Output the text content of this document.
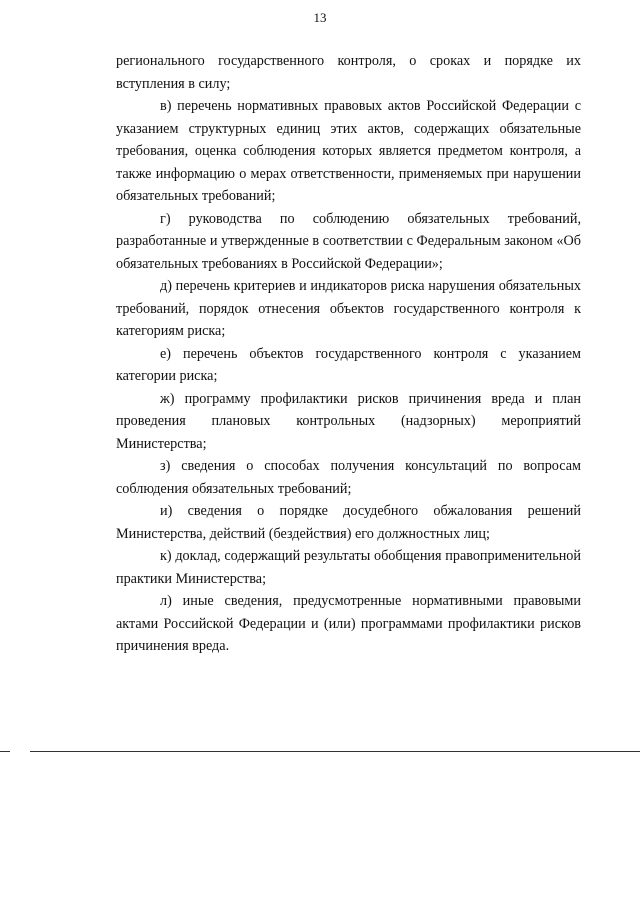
13

регионального государственного контроля, о сроках и порядке их вступления в силу;

в) перечень нормативных правовых актов Российской Федерации с указанием структурных единиц этих актов, содержащих обязательные требования, оценка соблюдения которых является предметом контроля, а также информацию о мерах ответственности, применяемых при нарушении обязательных требований;

г) руководства по соблюдению обязательных требований, разработанные и утвержденные в соответствии с Федеральным законом «Об обязательных требованиях в Российской Федерации»;

д) перечень критериев и индикаторов риска нарушения обязательных требований, порядок отнесения объектов государственного контроля к категориям риска;

е) перечень объектов государственного контроля с указанием категории риска;

ж) программу профилактики рисков причинения вреда и план проведения плановых контрольных (надзорных) мероприятий Министерства;

з) сведения о способах получения консультаций по вопросам соблюдения обязательных требований;

и) сведения о порядке досудебного обжалования решений Министерства, действий (бездействия) его должностных лиц;

к) доклад, содержащий результаты обобщения правоприменительной практики Министерства;

л) иные сведения, предусмотренные нормативными правовыми актами Российской Федерации и (или) программами профилактики рисков причинения вреда.
